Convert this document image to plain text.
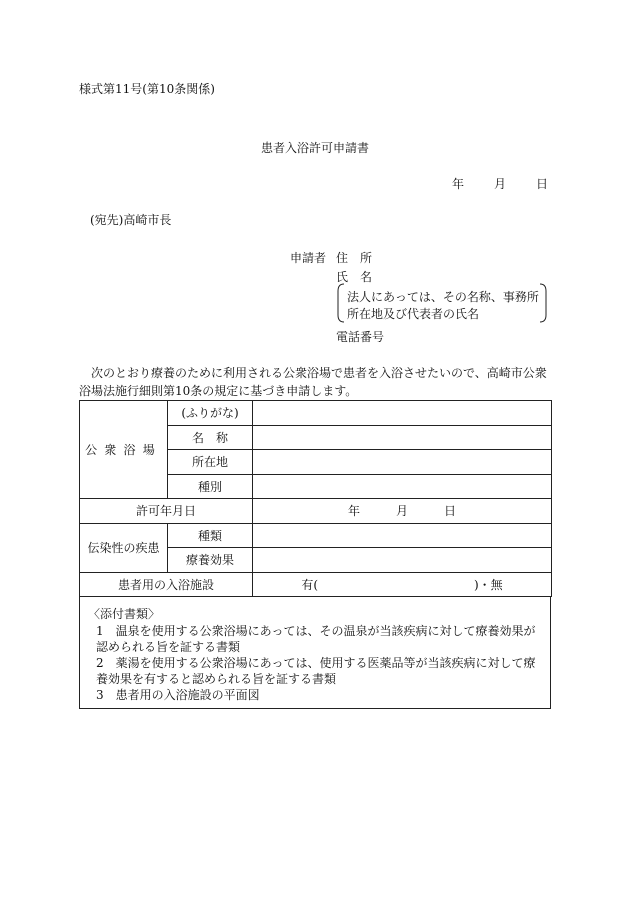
様式第11号(第10条関係)
患者入浴許可申請書
年	月	日
(宛先)高崎市長
申請者 住　所
氏　名
法人にあっては、その名称、事務所
所在地及び代表者の氏名
電話番号
次のとおり療養のために利用される公衆浴場で患者を入浴させたいので、高崎市公衆浴場法施行細則第10条の規定に基づき申請します。
公衆浴場	(ふりがな)	
	名　称	
	所在地	
	種別	
許可年月日		年 月 日
伝染性の疾患	種類	
	療養効果	
患者用の入浴施設		有(　　　　　　　　　　　　　)・無
〈添付書類〉
1　温泉を使用する公衆浴場にあっては、その温泉が当該疾病に対して療養効果が認められる旨を証する書類
2　薬湯を使用する公衆浴場にあっては、使用する医薬品等が当該疾病に対して療養効果を有すると認められる旨を証する書類
3　患者用の入浴施設の平面図
